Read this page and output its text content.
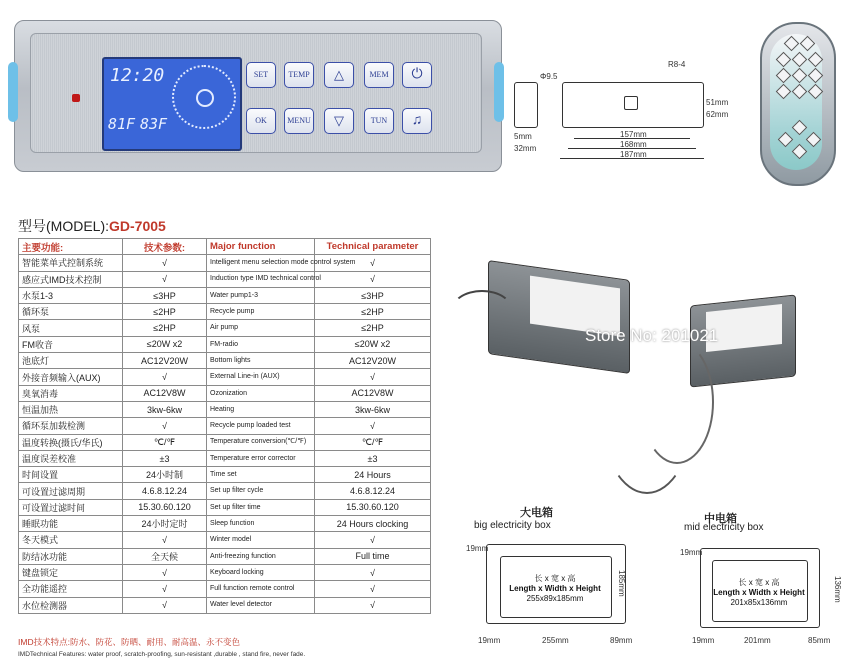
12:20
81F 83F
SET	TEMP	△	MEM	⏻
OK	MENU	▽	TUN	♫
Φ9.5
R8-4
51mm
62mm
5mm
32mm
157mm
168mm
187mm
型号(MODEL):GD-7005
主要功能:	技术参数:	Major function	Technical parameter
智能菜单式控制系统	√	Intelligent menu selection mode control system	√
感应式IMD技术控制	√	Induction type IMD technical control	√
水泵1-3	≤3HP	Water pump1-3	≤3HP
循环泵	≤2HP	Recycle pump	≤2HP
风泵	≤2HP	Air pump	≤2HP
FM收音	≤20W x2	FM-radio	≤20W x2
池底灯	AC12V20W	Bottom lights	AC12V20W
外接音频输入(AUX)	√	External Line-in (AUX)	√
臭氧消毒	AC12V8W	Ozonization	AC12V8W
恒温加热	3kw-6kw	Heating	3kw-6kw
循环泵加载检测	√	Recycle pump loaded test	√
温度转换(摄氏/华氏)	℃/℉	Temperature conversion(℃/℉)	℃/℉
温度误差校准	±3	Temperature error corrector	±3
时间设置	24小时制	Time set	24 Hours
可设置过滤周期	4.6.8.12.24	Set up filter cycle	4.6.8.12.24
可设置过滤时间	15.30.60.120	Set up filter time	15.30.60.120
睡眠功能	24小时定时	Sleep function	24 Hours clocking
冬天模式	√	Winter model	√
防结冰功能	全天候	Anti-freezing function	Full time
键盘锁定	√	Keyboard locking	√
全功能遥控	√	Full function remote control	√
水位检测器	√	Water level detector	√
IMD技术特点:防水、防花、防晒、耐用、耐高温、永不变色
IMDTechnical Features: water proof, scratch-proofing, sun-resistant ,durable , stand fire, never fade.
Store No: 201021
大电箱
big electricity box
长 x 宽 x 高
Length x Width x Height
255x89x185mm
19mm
185mm
19mm	255mm	89mm
中电箱
mid electricity box
长 x 宽 x 高
Length x Width x Height
201x85x136mm
19mm
136mm
19mm	201mm	85mm
